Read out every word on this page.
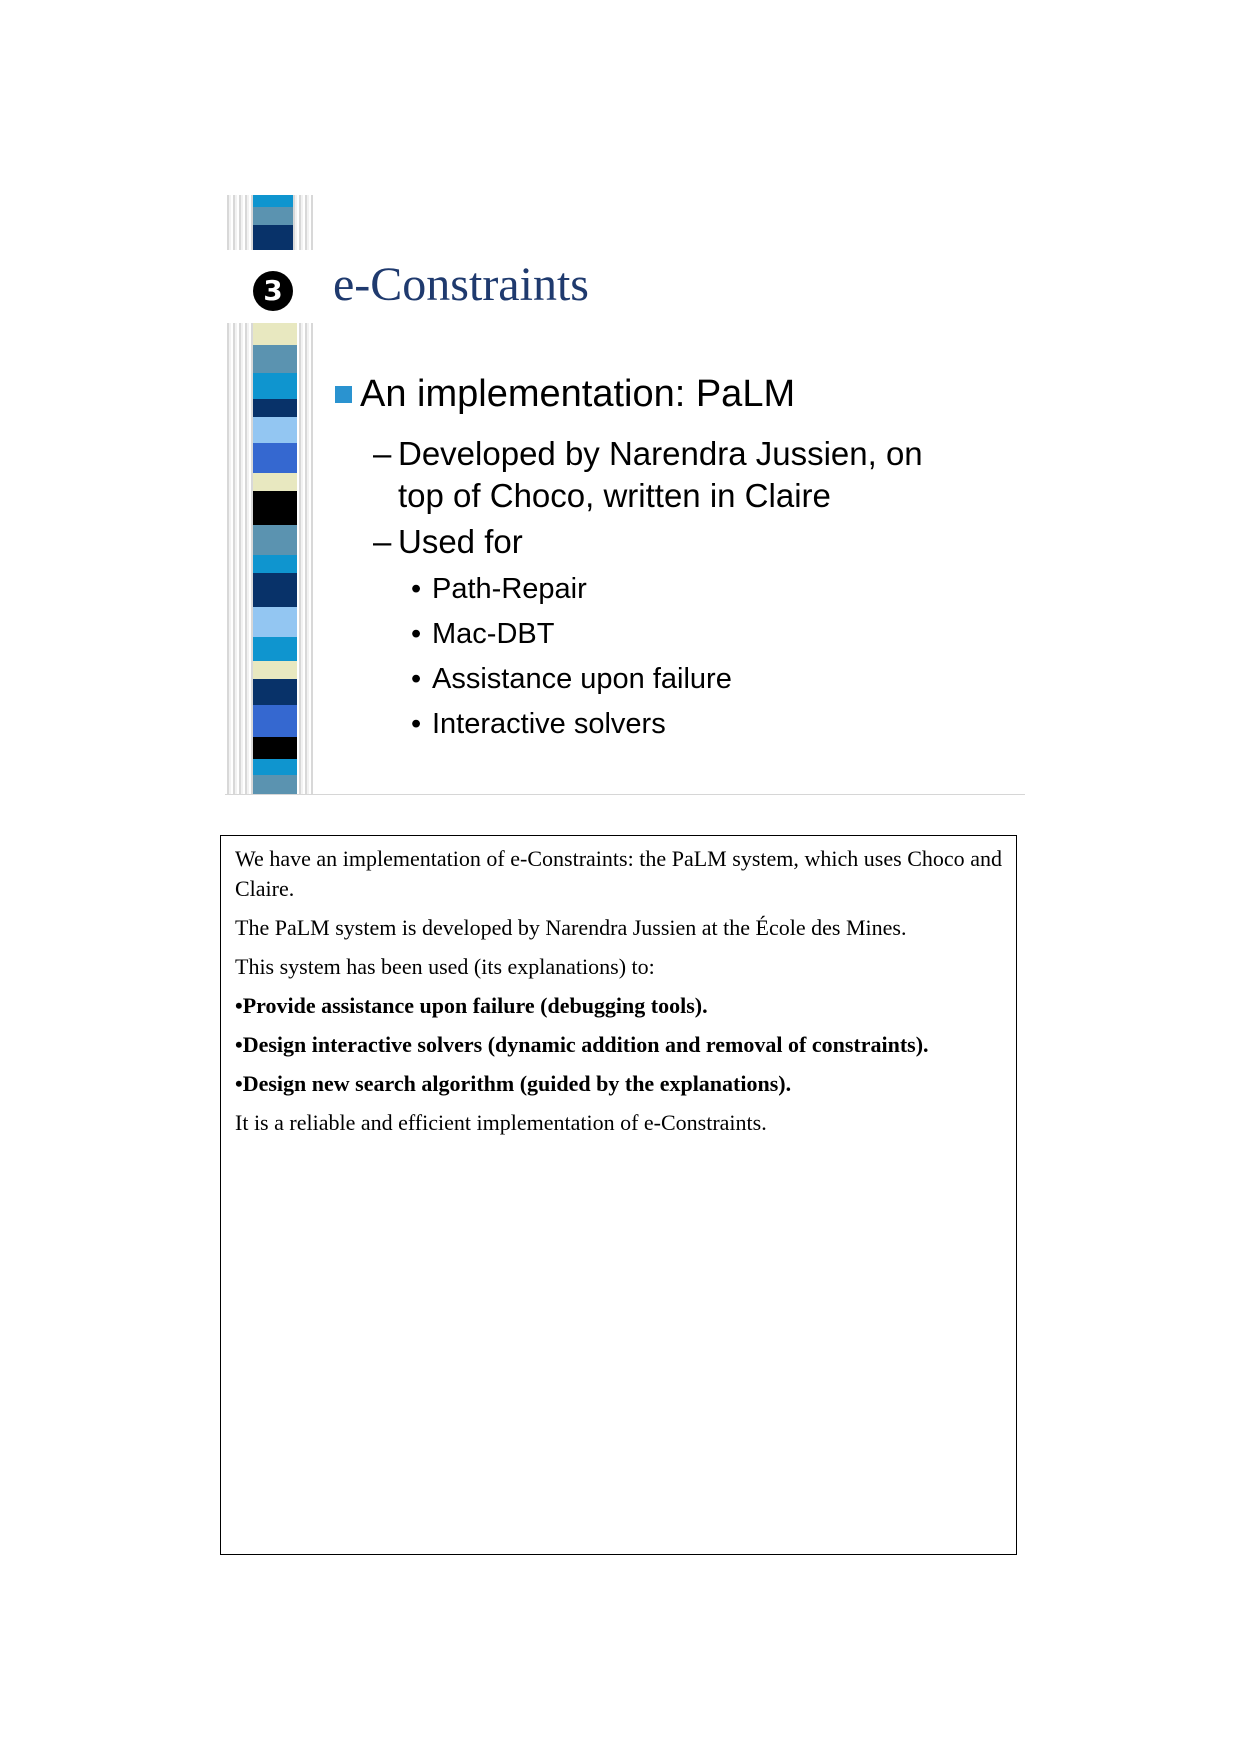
3 e-Constraints
An implementation: PaLM
– Developed by Narendra Jussien, on
top of Choco, written in Claire
– Used for
• Path-Repair
• Mac-DBT
• Assistance upon failure
• Interactive solvers

We have an implementation of e-Constraints: the PaLM system, which uses Choco and Claire.

The PaLM system is developed by Narendra Jussien at the École des Mines.

This system has been used (its explanations) to:

•Provide assistance upon failure (debugging tools).

•Design interactive solvers (dynamic addition and removal of constraints).

•Design new search algorithm (guided by the explanations).

It is a reliable and efficient implementation of e-Constraints.
